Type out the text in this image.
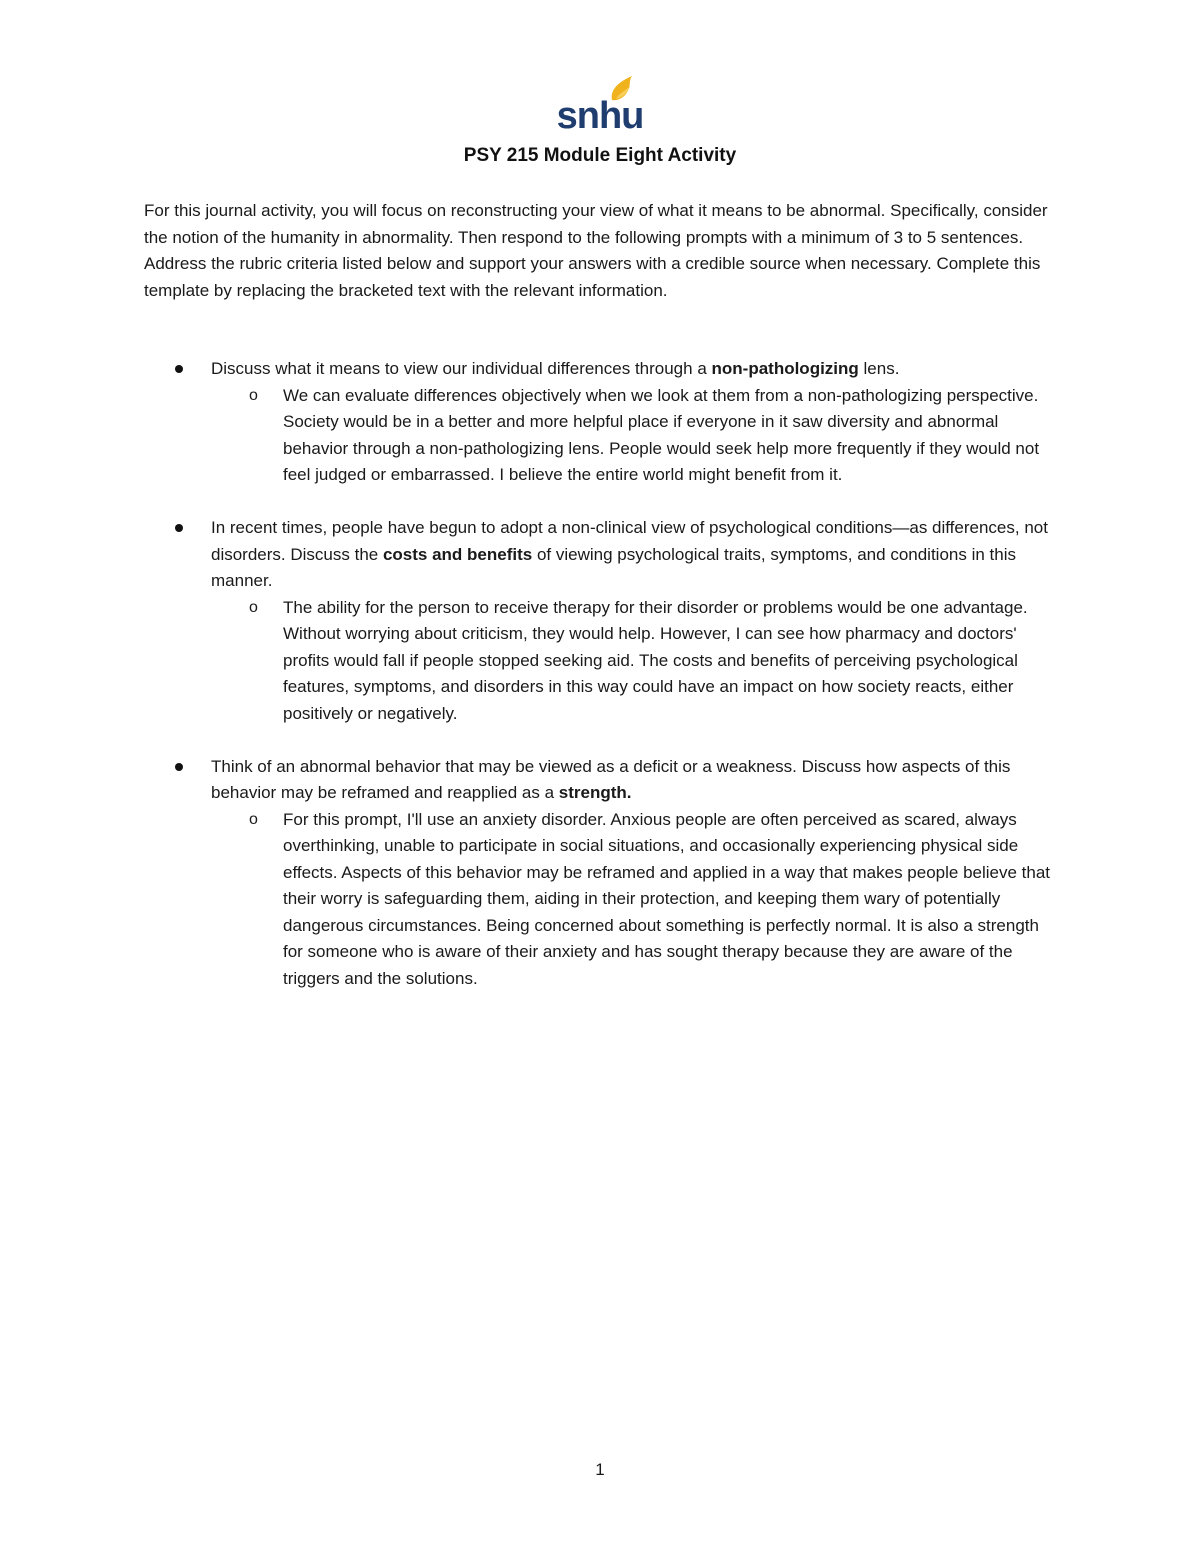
snhu
PSY 215 Module Eight Activity

For this journal activity, you will focus on reconstructing your view of what it means to be abnormal. Specifically, consider the notion of the humanity in abnormality. Then respond to the following prompts with a minimum of 3 to 5 sentences. Address the rubric criteria listed below and support your answers with a credible source when necessary. Complete this template by replacing the bracketed text with the relevant information.

Discuss what it means to view our individual differences through a non-pathologizing lens.

o We can evaluate differences objectively when we look at them from a non-pathologizing perspective. Society would be in a better and more helpful place if everyone in it saw diversity and abnormal behavior through a non-pathologizing lens. People would seek help more frequently if they would not feel judged or embarrassed. I believe the entire world might benefit from it.

In recent times, people have begun to adopt a non-clinical view of psychological conditions—as differences, not disorders. Discuss the costs and benefits of viewing psychological traits, symptoms, and conditions in this manner.

o The ability for the person to receive therapy for their disorder or problems would be one advantage. Without worrying about criticism, they would help. However, I can see how pharmacy and doctors' profits would fall if people stopped seeking aid. The costs and benefits of perceiving psychological features, symptoms, and disorders in this way could have an impact on how society reacts, either positively or negatively.

Think of an abnormal behavior that may be viewed as a deficit or a weakness. Discuss how aspects of this behavior may be reframed and reapplied as a strength.

o For this prompt, I'll use an anxiety disorder. Anxious people are often perceived as scared, always overthinking, unable to participate in social situations, and occasionally experiencing physical side effects. Aspects of this behavior may be reframed and applied in a way that makes people believe that their worry is safeguarding them, aiding in their protection, and keeping them wary of potentially dangerous circumstances. Being concerned about something is perfectly normal. It is also a strength for someone who is aware of their anxiety and has sought therapy because they are aware of the triggers and the solutions.

1
